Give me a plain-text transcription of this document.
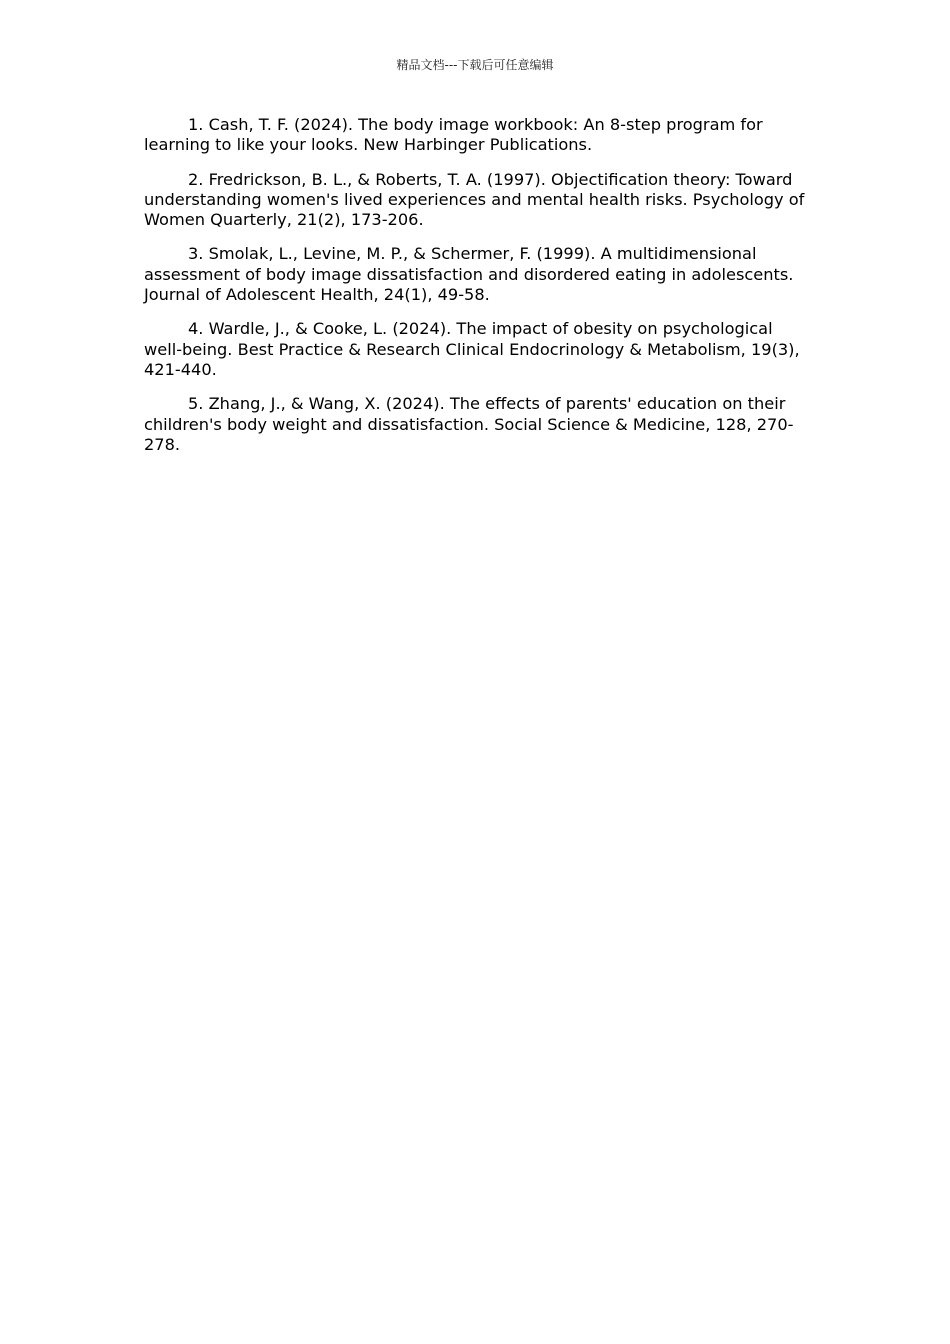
精品文档---下载后可任意编辑
1. Cash, T. F. (2024). The body image workbook: An 8-step program for learning to like your looks. New Harbinger Publications.
2. Fredrickson, B. L., & Roberts, T. A. (1997). Objectification theory: Toward understanding women's lived experiences and mental health risks. Psychology of Women Quarterly, 21(2), 173-206.
3. Smolak, L., Levine, M. P., & Schermer, F. (1999). A multidimensional assessment of body image dissatisfaction and disordered eating in adolescents. Journal of Adolescent Health, 24(1), 49-58.
4. Wardle, J., & Cooke, L. (2024). The impact of obesity on psychological well-being. Best Practice & Research Clinical Endocrinology & Metabolism, 19(3), 421-440.
5. Zhang, J., & Wang, X. (2024). The effects of parents' education on their children's body weight and dissatisfaction. Social Science & Medicine, 128, 270-278.
